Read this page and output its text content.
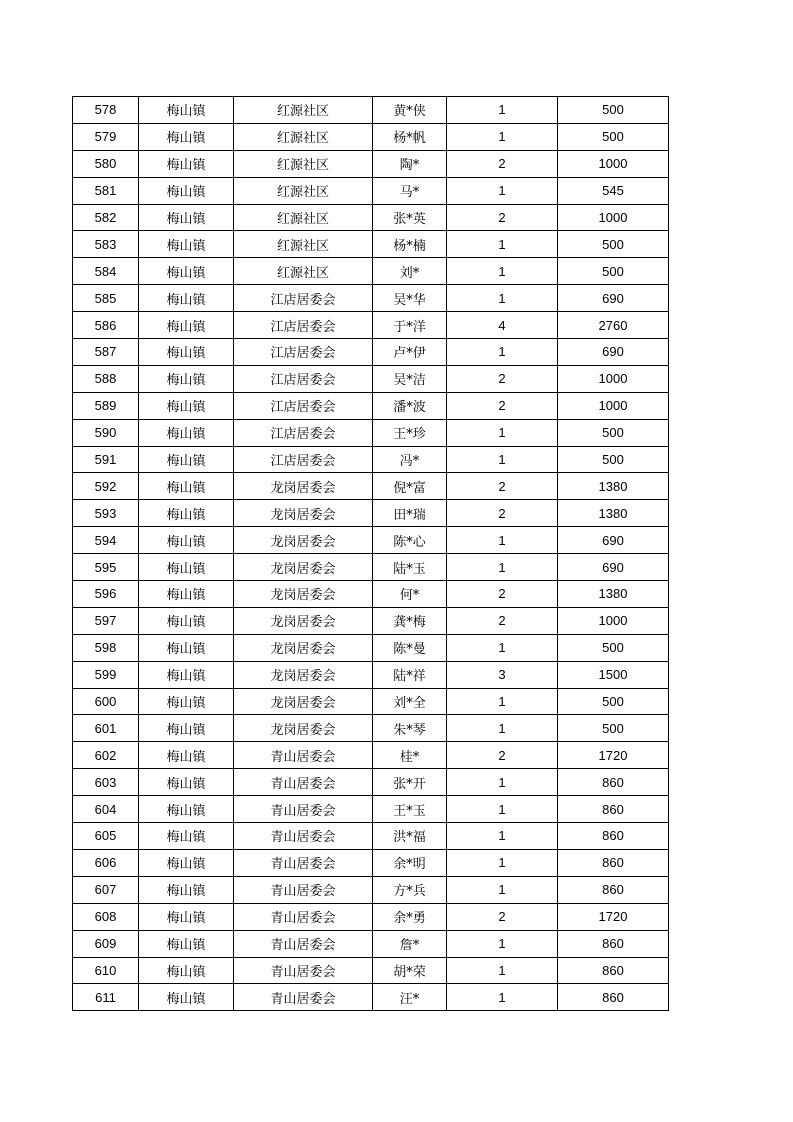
578	梅山镇	红源社区	黄*侠	1	500
579	梅山镇	红源社区	杨*帆	1	500
580	梅山镇	红源社区	陶*	2	1000
581	梅山镇	红源社区	马*	1	545
582	梅山镇	红源社区	张*英	2	1000
583	梅山镇	红源社区	杨*楠	1	500
584	梅山镇	红源社区	刘*	1	500
585	梅山镇	江店居委会	吴*华	1	690
586	梅山镇	江店居委会	于*洋	4	2760
587	梅山镇	江店居委会	卢*伊	1	690
588	梅山镇	江店居委会	吴*洁	2	1000
589	梅山镇	江店居委会	潘*波	2	1000
590	梅山镇	江店居委会	王*珍	1	500
591	梅山镇	江店居委会	冯*	1	500
592	梅山镇	龙岗居委会	倪*富	2	1380
593	梅山镇	龙岗居委会	田*瑞	2	1380
594	梅山镇	龙岗居委会	陈*心	1	690
595	梅山镇	龙岗居委会	陆*玉	1	690
596	梅山镇	龙岗居委会	何*	2	1380
597	梅山镇	龙岗居委会	龚*梅	2	1000
598	梅山镇	龙岗居委会	陈*曼	1	500
599	梅山镇	龙岗居委会	陆*祥	3	1500
600	梅山镇	龙岗居委会	刘*全	1	500
601	梅山镇	龙岗居委会	朱*琴	1	500
602	梅山镇	青山居委会	桂*	2	1720
603	梅山镇	青山居委会	张*开	1	860
604	梅山镇	青山居委会	王*玉	1	860
605	梅山镇	青山居委会	洪*福	1	860
606	梅山镇	青山居委会	余*明	1	860
607	梅山镇	青山居委会	方*兵	1	860
608	梅山镇	青山居委会	余*勇	2	1720
609	梅山镇	青山居委会	詹*	1	860
610	梅山镇	青山居委会	胡*荣	1	860
611	梅山镇	青山居委会	汪*	1	860
